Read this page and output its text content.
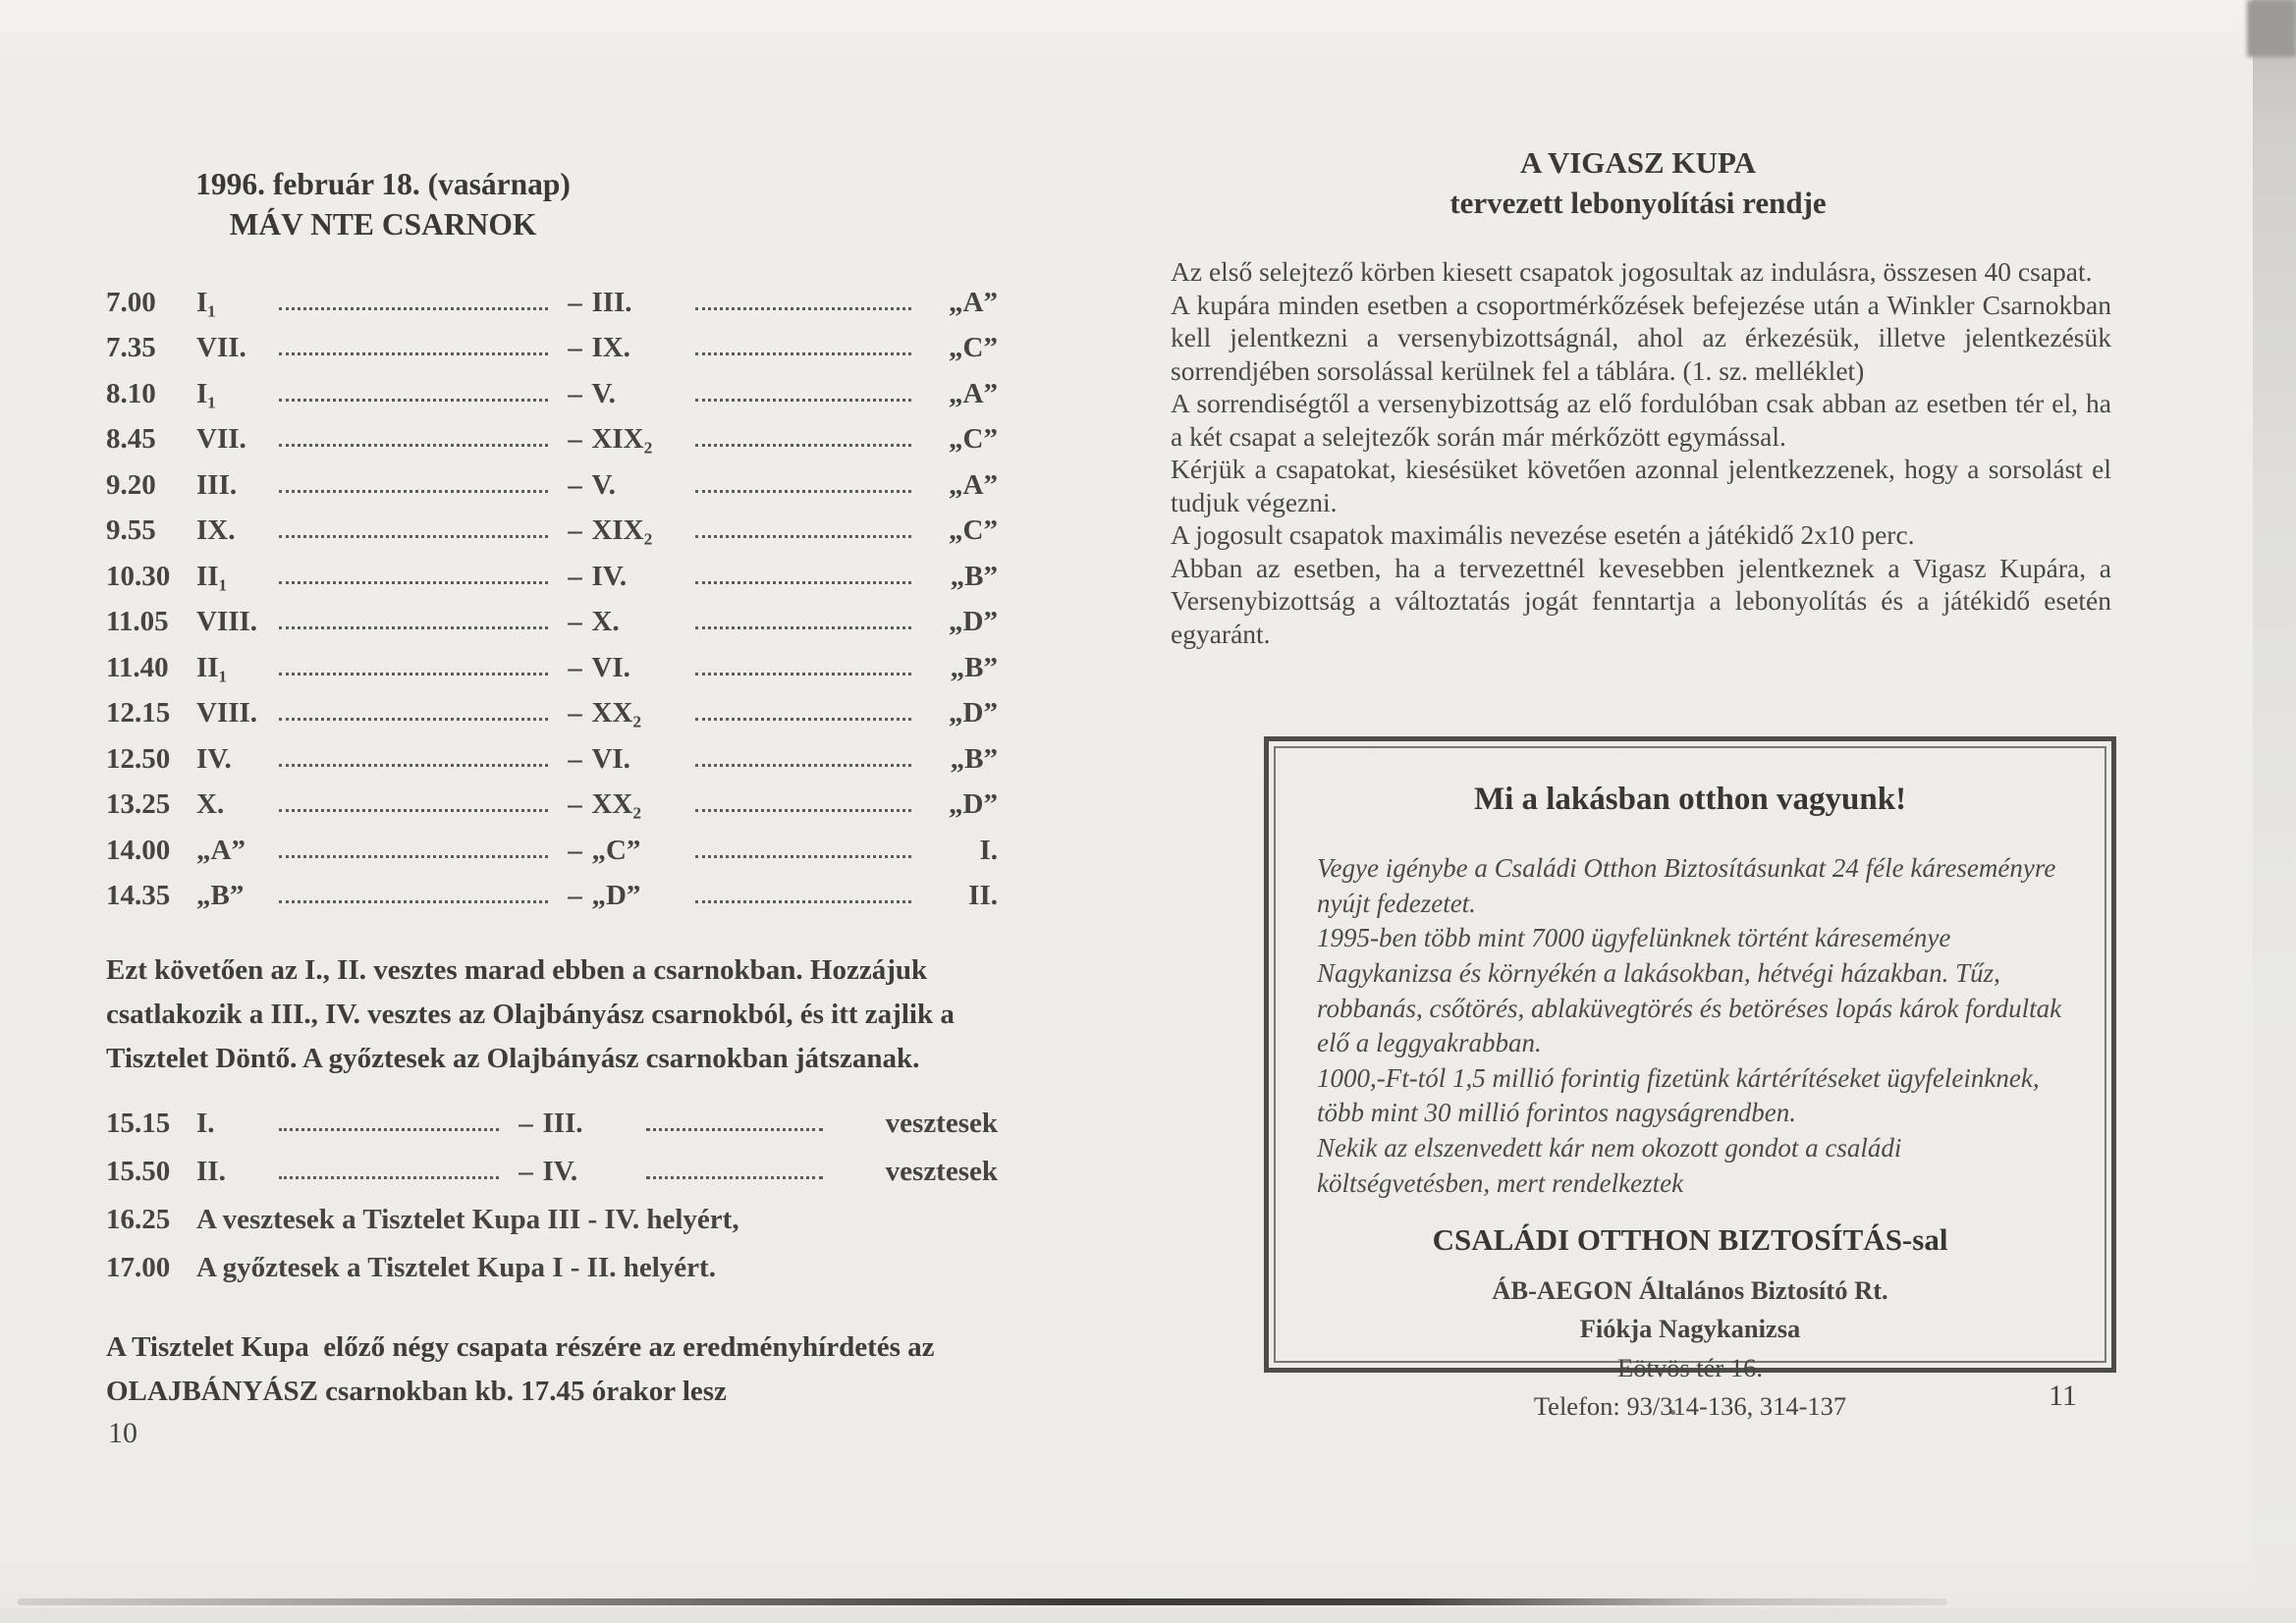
1996. február 18. (vasárnap)
MÁV NTE CSARNOK
7.00	I₁	– III.	„A”
7.35	VII.	– IX.	„C”
8.10	I₁	– V.	„A”
8.45	VII.	– XIX₂	„C”
9.20	III.	– V.	„A”
9.55	IX.	– XIX₂	„C”
10.30 II₁	– IV.	„B”
11.05 VIII.	– X.	„D”
11.40 II₁	– VI.	„B”
12.15 VIII.	– XX₂	„D”
12.50 IV.	– VI.	„B”
13.25 X.	– XX₂	„D”
14.00 „A”	– „C”	I.
14.35 „B”	– „D”	II.

Ezt követően az I., II. vesztes marad ebben a csarnokban. Hozzájuk csatlakozik a III., IV. vesztes az Olajbányász csarnokból, és itt zajlik a Tisztelet Döntő. A győztesek az Olajbányász csarnokban játszanak.

15.15 I.	– III.	vesztesek
15.50 II.	– IV.	vesztesek
16.25 A vesztesek a Tisztelet Kupa III - IV. helyért,
17.00 A győztesek a Tisztelet Kupa I - II. helyért.

A Tisztelet Kupa  előző négy csapata részére az eredményhírdetés az OLAJBÁNYÁSZ csarnokban kb. 17.45 órakor lesz

10
A VIGASZ KUPA
tervezett lebonyolítási rendje

Az első selejtező körben kiesett csapatok jogosultak az indulásra, összesen 40 csapat.

A kupára minden esetben a csoportmérkőzések befejezése után a Winkler Csarnokban kell jelentkezni a versenybizottságnál, ahol az érkezésük, illetve jelentkezésük sorrendjében sorsolással kerülnek fel a táblára. (1. sz. melléklet)

A sorrendiségtől a versenybizottság az elő fordulóban csak abban az esetben tér el, ha a két csapat a selejtezők során már mérkőzött egymással.

Kérjük a csapatokat, kiesésüket követően azonnal jelentkezzenek, hogy a sorsolást el tudjuk végezni.

A jogosult csapatok maximális nevezése esetén a játékidő 2x10 perc.

Abban az esetben, ha a tervezettnél kevesebben jelentkeznek a Vigasz Kupára, a Versenybizottság a változtatás jogát fenntartja a lebonyolítás és a játékidő esetén egyaránt.

Mi a lakásban otthon vagyunk!

Vegye igénybe a Családi Otthon Biztosításunkat 24 féle káreseményre nyújt fedezetet.

1995-ben több mint 7000 ügyfelünknek történt káreseménye Nagykanizsa és környékén a lakásokban, hétvégi házakban. Tűz, robbanás, csőtörés, ablaküvegtörés és betöréses lopás károk fordultak elő a leggyakrabban.

1000,-Ft-tól 1,5 millió forintig fizetünk kártérítéseket ügyfeleinknek, több mint 30 millió forintos nagyságrendben.

Nekik az elszenvedett kár nem okozott gondot a családi költségvetésben, mert rendelkeztek

CSALÁDI OTTHON BIZTOSÍTÁS-sal
ÁB-AEGON Általános Biztosító Rt.
Fiókja Nagykanizsa
Eötvös tér 16.
Telefon: 93/314-136, 314-137	11
